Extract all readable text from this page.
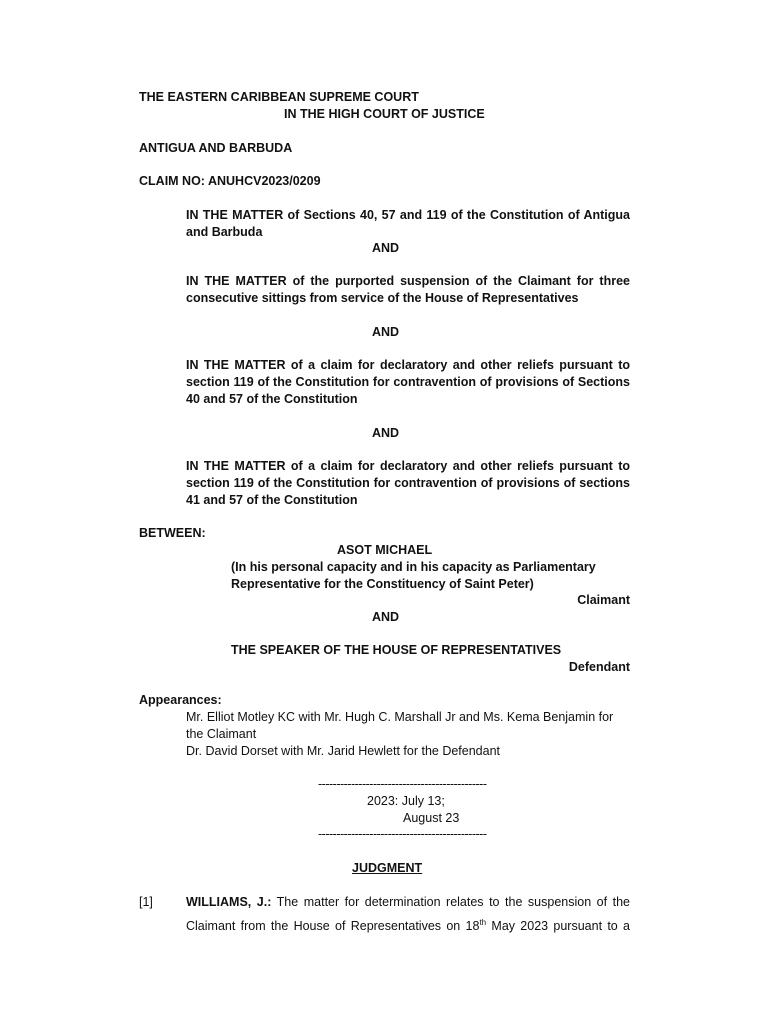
THE EASTERN CARIBBEAN SUPREME COURT
IN THE HIGH COURT OF JUSTICE
ANTIGUA AND BARBUDA
CLAIM NO: ANUHCV2023/0209
IN THE MATTER of Sections 40, 57 and 119 of the Constitution of Antigua and Barbuda
AND
IN THE MATTER of the purported suspension of the Claimant for three consecutive sittings from service of the House of Representatives
AND
IN THE MATTER of a claim for declaratory and other reliefs pursuant to section 119 of the Constitution for contravention of provisions of Sections 40 and 57 of the Constitution
AND
IN THE MATTER of a claim for declaratory and other reliefs pursuant to section 119 of the Constitution for contravention of provisions of sections 41 and 57 of the Constitution
BETWEEN:
ASOT MICHAEL
(In his personal capacity and in his capacity as Parliamentary
Representative for the Constituency of Saint Peter)
Claimant
AND
THE SPEAKER OF THE HOUSE OF REPRESENTATIVES
Defendant
Appearances:
Mr. Elliot Motley KC with Mr. Hugh C. Marshall Jr and Ms. Kema Benjamin for
the Claimant
Dr. David Dorset with Mr. Jarid Hewlett for the Defendant
----------------------------------------------
2023: July 13;
August 23
----------------------------------------------
JUDGMENT
[1]	WILLIAMS, J.: The matter for determination relates to the suspension of the
Claimant from the House of Representatives on 18th May 2023 pursuant to a
